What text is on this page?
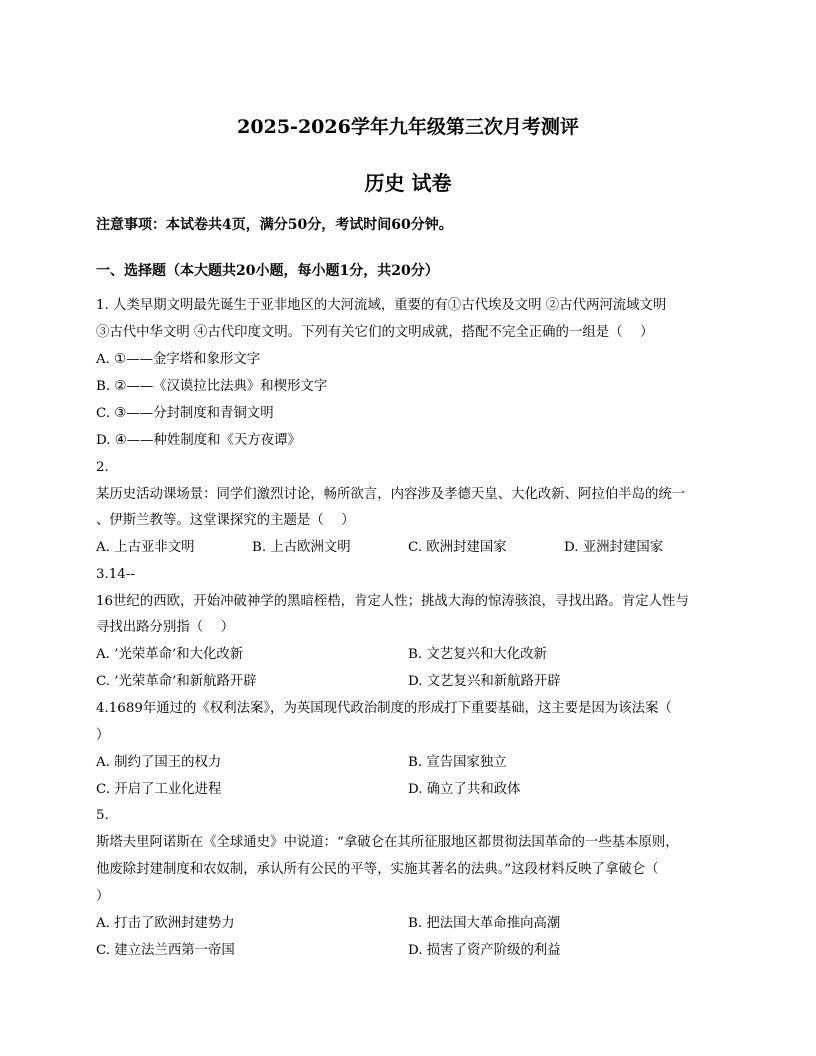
2025-2026学年九年级第三次月考测评
历史 试卷
注意事项：本试卷共4页，满分50分，考试时间60分钟。
一、选择题（本大题共20小题，每小题1分，共20分）
1. 人类早期文明最先诞生于亚非地区的大河流域，重要的有①古代埃及文明 ②古代两河流域文明
③古代中华文明 ④古代印度文明。下列有关它们的文明成就，搭配不完全正确的一组是（　 ）
A. ①——金字塔和象形文字
B. ②——《汉谟拉比法典》和楔形文字
C. ③——分封制度和青铜文明
D. ④——种姓制度和《天方夜谭》
2.
某历史活动课场景：同学们激烈讨论，畅所欲言，内容涉及孝德天皇、大化改新、阿拉伯半岛的统一
、伊斯兰教等。这堂课探究的主题是（　 ）
A. 上古亚非文明	B. 上古欧洲文明	C. 欧洲封建国家	D. 亚洲封建国家
3.14--
16世纪的西欧，开始冲破神学的黑暗桎梏，肯定人性；挑战大海的惊涛骇浪，寻找出路。肯定人性与
寻找出路分别指（　 ）
A. ’光荣革命’和大化改新	B. 文艺复兴和大化改新
C. ’光荣革命’和新航路开辟	D. 文艺复兴和新航路开辟
4.1689年通过的《权利法案》，为英国现代政治制度的形成打下重要基础，这主要是因为该法案（
）
A. 制约了国王的权力	B. 宣告国家独立
C. 开启了工业化进程	D. 确立了共和政体
5.
斯塔夫里阿诺斯在《全球通史》中说道：“拿破仑在其所征服地区都贯彻法国革命的一些基本原则，
他废除封建制度和农奴制，承认所有公民的平等，实施其著名的法典。”这段材料反映了拿破仑（
）
A. 打击了欧洲封建势力	B. 把法国大革命推向高潮
C. 建立法兰西第一帝国	D. 损害了资产阶级的利益
